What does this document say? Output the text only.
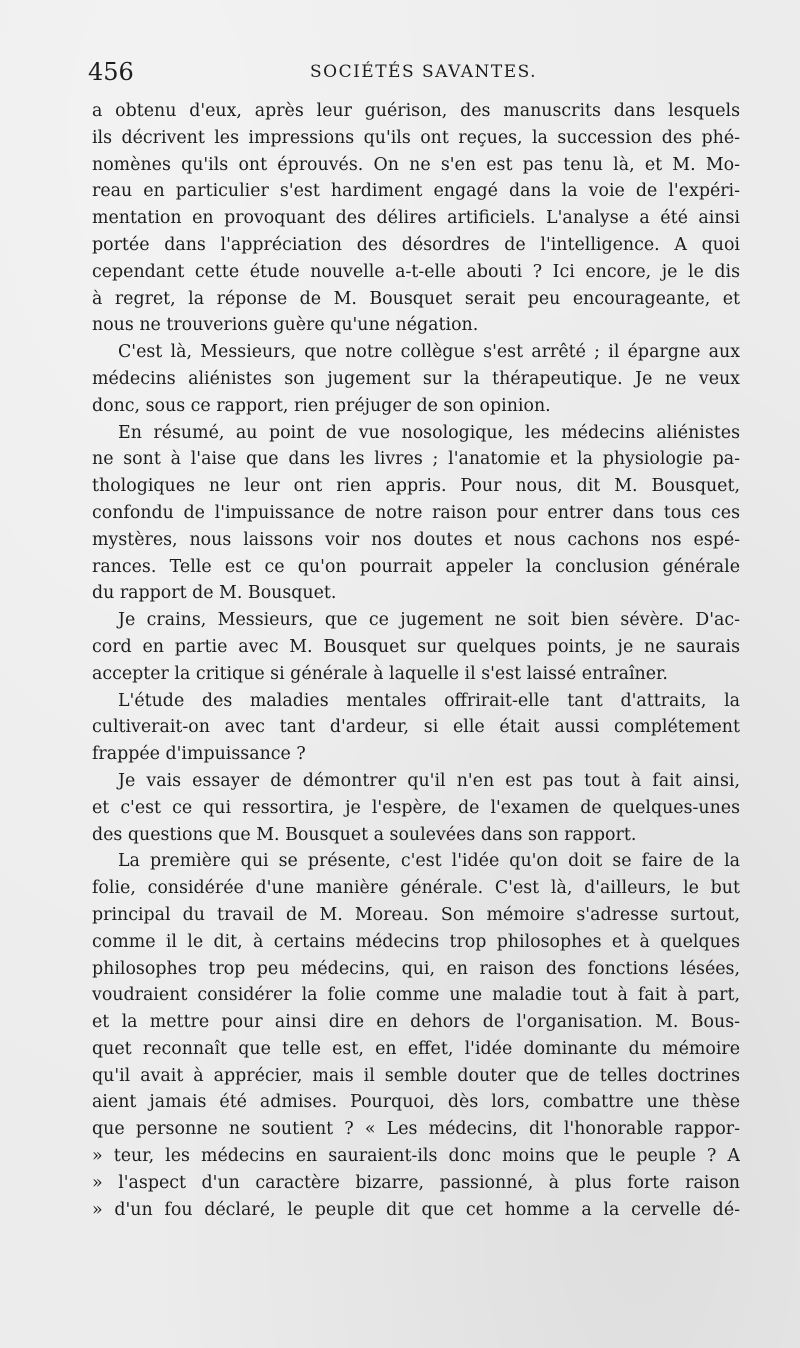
456	SOCIÉTÉS SAVANTES.
a obtenu d'eux, après leur guérison, des manuscrits dans lesquels
ils décrivent les impressions qu'ils ont reçues, la succession des phé-
nomènes qu'ils ont éprouvés. On ne s'en est pas tenu là, et M. Mo-
reau en particulier s'est hardiment engagé dans la voie de l'expéri-
mentation en provoquant des délires artificiels. L'analyse a été ainsi
portée dans l'appréciation des désordres de l'intelligence. A quoi
cependant cette étude nouvelle a-t-elle abouti ? Ici encore, je le dis
à regret, la réponse de M. Bousquet serait peu encourageante, et
nous ne trouverions guère qu'une négation.
C'est là, Messieurs, que notre collègue s'est arrêté ; il épargne aux
médecins aliénistes son jugement sur la thérapeutique. Je ne veux
donc, sous ce rapport, rien préjuger de son opinion.
En résumé, au point de vue nosologique, les médecins aliénistes
ne sont à l'aise que dans les livres ; l'anatomie et la physiologie pa-
thologiques ne leur ont rien appris. Pour nous, dit M. Bousquet,
confondu de l'impuissance de notre raison pour entrer dans tous ces
mystères, nous laissons voir nos doutes et nous cachons nos espé-
rances. Telle est ce qu'on pourrait appeler la conclusion générale
du rapport de M. Bousquet.
Je crains, Messieurs, que ce jugement ne soit bien sévère. D'ac-
cord en partie avec M. Bousquet sur quelques points, je ne saurais
accepter la critique si générale à laquelle il s'est laissé entraîner.
L'étude des maladies mentales offrirait-elle tant d'attraits, la
cultiverait-on avec tant d'ardeur, si elle était aussi complétement
frappée d'impuissance ?
Je vais essayer de démontrer qu'il n'en est pas tout à fait ainsi,
et c'est ce qui ressortira, je l'espère, de l'examen de quelques-unes
des questions que M. Bousquet a soulevées dans son rapport.
La première qui se présente, c'est l'idée qu'on doit se faire de la
folie, considérée d'une manière générale. C'est là, d'ailleurs, le but
principal du travail de M. Moreau. Son mémoire s'adresse surtout,
comme il le dit, à certains médecins trop philosophes et à quelques
philosophes trop peu médecins, qui, en raison des fonctions lésées,
voudraient considérer la folie comme une maladie tout à fait à part,
et la mettre pour ainsi dire en dehors de l'organisation. M. Bous-
quet reconnaît que telle est, en effet, l'idée dominante du mémoire
qu'il avait à apprécier, mais il semble douter que de telles doctrines
aient jamais été admises. Pourquoi, dès lors, combattre une thèse
que personne ne soutient ? « Les médecins, dit l'honorable rappor-
» teur, les médecins en sauraient-ils donc moins que le peuple ? A
» l'aspect d'un caractère bizarre, passionné, à plus forte raison
» d'un fou déclaré, le peuple dit que cet homme a la cervelle dé-
